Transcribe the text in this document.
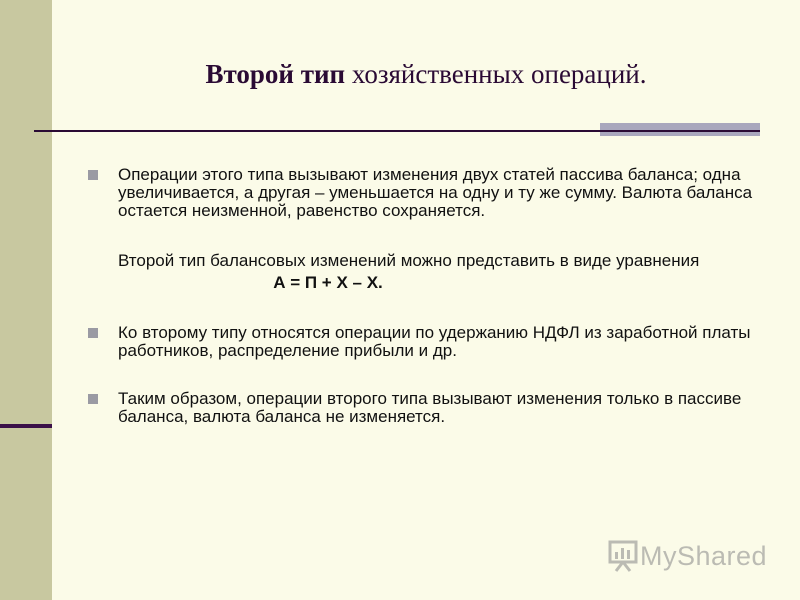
Второй тип хозяйственных операций.
Операции этого типа вызывают изменения двух статей пассива баланса; одна увеличивается, а другая – уменьшается на одну и ту же сумму. Валюта баланса остается неизменной, равенство сохраняется.
Второй тип балансовых изменений можно представить в виде уравнения
А = П + Х – Х.
Ко второму типу относятся операции по удержанию НДФЛ из заработной платы работников, распределение прибыли и др.
Таким образом, операции второго типа вызывают изменения только в пассиве баланса, валюта баланса не изменяется.
MyShared
